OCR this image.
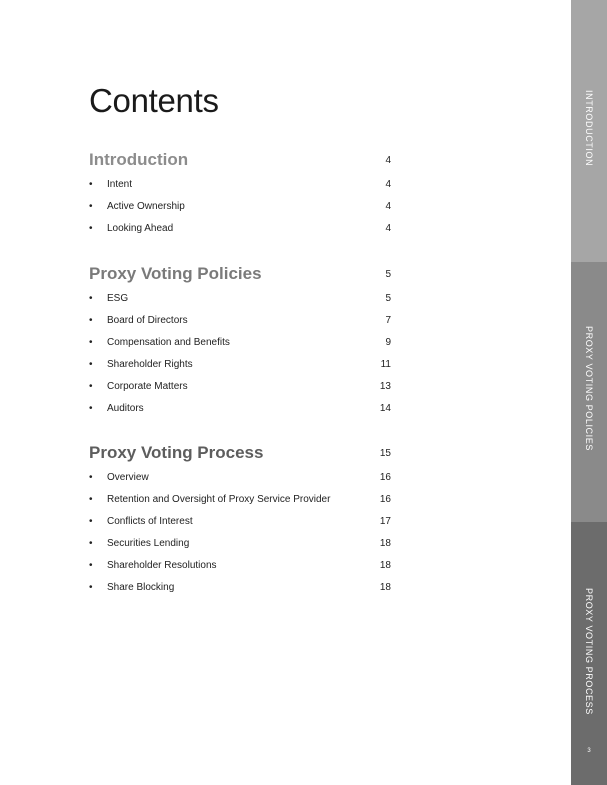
Contents
Introduction	4
• Intent	4
• Active Ownership	4
• Looking Ahead	4
Proxy Voting Policies	5
• ESG	5
• Board of Directors	7
• Compensation and Benefits	9
• Shareholder Rights	11
• Corporate Matters	13
• Auditors	14
Proxy Voting Process	15
• Overview	16
• Retention and Oversight of Proxy Service Provider	16
• Conflicts of Interest	17
• Securities Lending	18
• Shareholder Resolutions	18
• Share Blocking	18
INTRODUCTION
PROXY VOTING POLICIES
PROXY VOTING PROCESS
3
